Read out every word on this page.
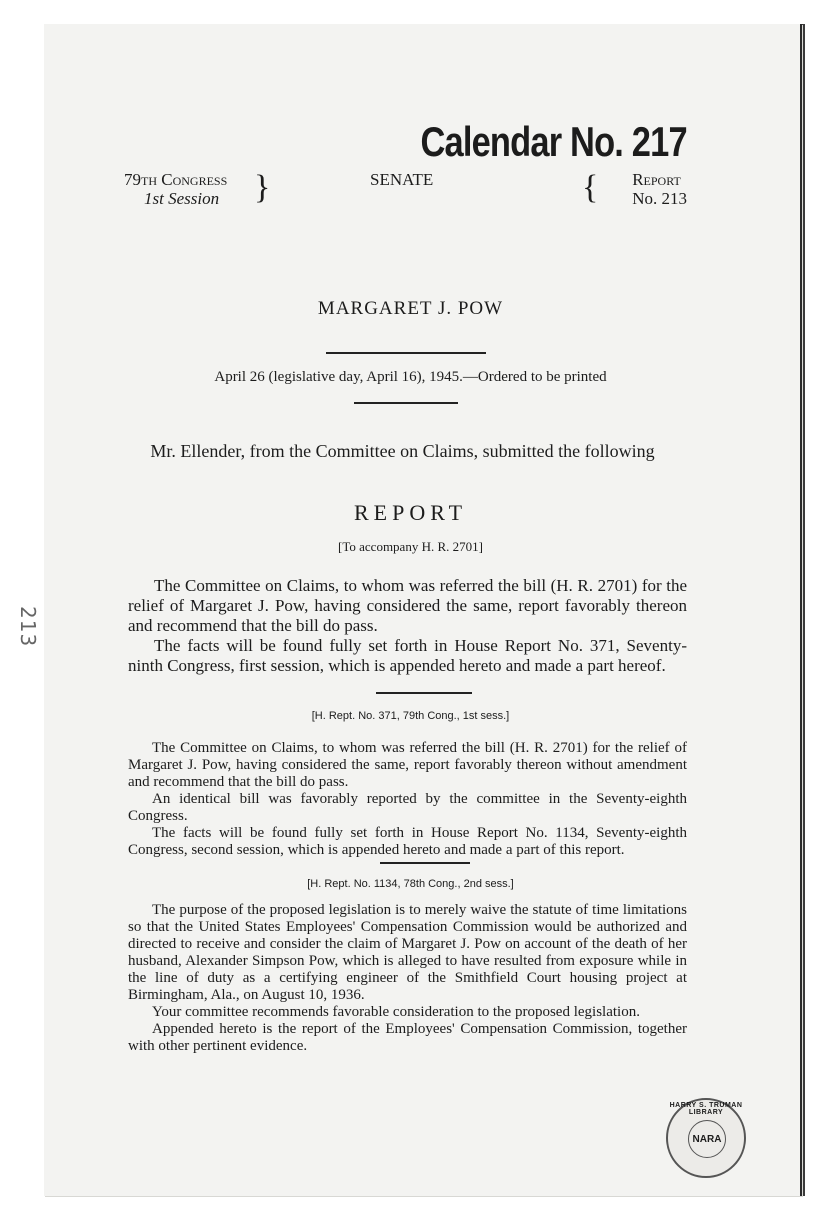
213
Calendar No. 217
79th Congress
1st Session }	SENATE	{ Report
No. 213
MARGARET J. POW
April 26 (legislative day, April 16), 1945.—Ordered to be printed
Mr. Ellender, from the Committee on Claims, submitted the following
REPORT
[To accompany H. R. 2701]

The Committee on Claims, to whom was referred the bill (H. R. 2701) for the relief of Margaret J. Pow, having considered the same, report favorably thereon and recommend that the bill do pass.

The facts will be found fully set forth in House Report No. 371, Seventy-ninth Congress, first session, which is appended hereto and made a part hereof.

[H. Rept. No. 371, 79th Cong., 1st sess.]

The Committee on Claims, to whom was referred the bill (H. R. 2701) for the relief of Margaret J. Pow, having considered the same, report favorably thereon without amendment and recommend that the bill do pass.

An identical bill was favorably reported by the committee in the Seventy-eighth Congress.

The facts will be found fully set forth in House Report No. 1134, Seventy-eighth Congress, second session, which is appended hereto and made a part of this report.

[H. Rept. No. 1134, 78th Cong., 2nd sess.]

The purpose of the proposed legislation is to merely waive the statute of time limitations so that the United States Employees' Compensation Commission would be authorized and directed to receive and consider the claim of Margaret J. Pow on account of the death of her husband, Alexander Simpson Pow, which is alleged to have resulted from exposure while in the line of duty as a certifying engineer of the Smithfield Court housing project at Birmingham, Ala., on August 10, 1936.

Your committee recommends favorable consideration to the proposed legislation.

Appended hereto is the report of the Employees' Compensation Commission, together with other pertinent evidence.

HARRY S. TRUMAN LIBRARY
NARA
